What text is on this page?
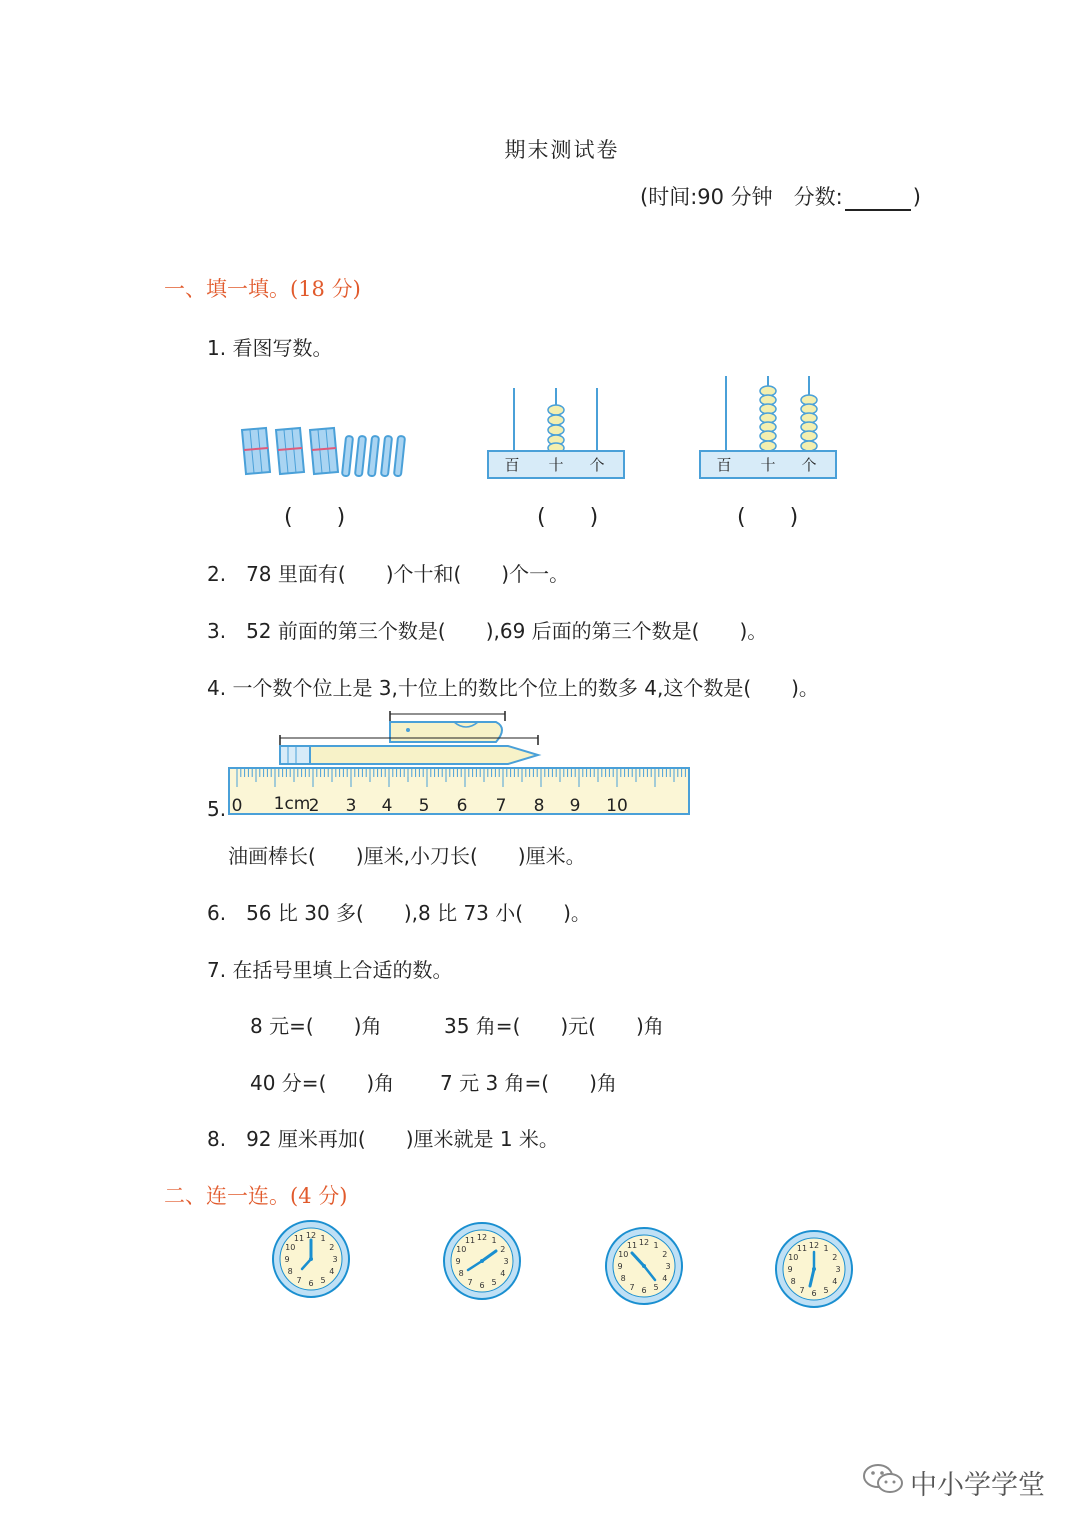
期末测试卷
(时间:90 分钟　分数:	)
一、填一填。(18 分)
1. 看图写数。
百 十 个	百 十 个
(　　)	(　　)	(　　)
2.　78 里面有(　　)个十和(　　)个一。
3.　52 前面的第三个数是(　　),69 后面的第三个数是(　　)。
4. 一个数个位上是 3,十位上的数比个位上的数多 4,这个数是(　　)。
0 1cm
2 3 4 5 6 7 8 9 10
5.
油画棒长(　　)厘米,小刀长(　　)厘米。
6.　56 比 30 多(　　),8 比 73 小(　　)。
7. 在括号里填上合适的数。
8 元=(　　)角	35 角=(　　)元(　　)角
40 分=(　　)角 7 元 3 角=(　　)角
8.　92 厘米再加(　　)厘米就是 1 米。
二、连一连。(4 分)
12 1
2
3
4
5
6
7
8
9
10
11	12 1
2
3
4
5
6
7
8
9
10
11	12 1
2
3
4
5
6
7
8
9
10
11	12 1
2
3
4
5
6
7
8
9
10
11
中小学学堂
